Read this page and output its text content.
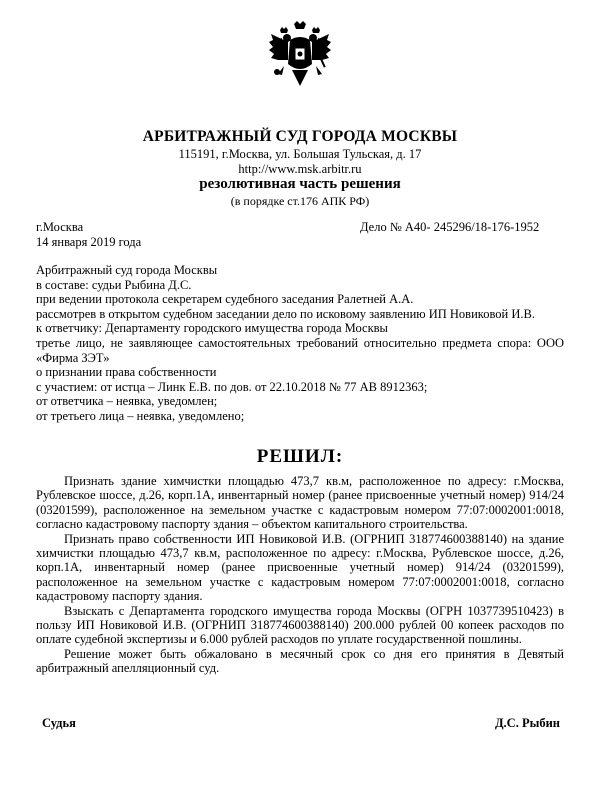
АРБИТРАЖНЫЙ СУД ГОРОДА МОСКВЫ
115191, г.Москва, ул. Большая Тульская, д. 17
http://www.msk.arbitr.ru
резолютивная часть решения
(в порядке ст.176 АПК РФ)
г.Москва
14 января 2019 года
Дело № А40- 245296/18-176-1952
Арбитражный суд города Москвы
в составе: судьи Рыбина Д.С.
при ведении протокола секретарем судебного заседания Ралетней А.А.
рассмотрев в открытом судебном заседании дело по исковому заявлению ИП Новиковой И.В.
к ответчику: Департаменту городского имущества города Москвы
третье лицо, не заявляющее самостоятельных требований относительно предмета спора: ООО «Фирма ЗЭТ»
о признании права собственности
с участием: от истца – Линк Е.В. по дов. от 22.10.2018 № 77 АВ 8912363;
от ответчика – неявка, уведомлен;
от третьего лица – неявка, уведомлено;
РЕШИЛ:

Признать здание химчистки площадью 473,7 кв.м, расположенное по адресу: г.Москва, Рублевское шоссе, д.26, корп.1А, инвентарный номер (ранее присвоенные учетный номер) 914/24 (03201599), расположенное на земельном участке с кадастровым номером 77:07:0002001:0018, согласно кадастровому паспорту здания – объектом капитального строительства.

Признать право собственности ИП Новиковой И.В. (ОГРНИП 318774600388140) на здание химчистки площадью 473,7 кв.м, расположенное по адресу: г.Москва, Рублевское шоссе, д.26, корп.1А, инвентарный номер (ранее присвоенные учетный номер) 914/24 (03201599), расположенное на земельном участке с кадастровым номером 77:07:0002001:0018, согласно кадастровому паспорту здания.

Взыскать с Департамента городского имущества города Москвы (ОГРН 1037739510423) в пользу ИП Новиковой И.В. (ОГРНИП 318774600388140) 200.000 рублей 00 копеек расходов по оплате судебной экспертизы и 6.000 рублей расходов по уплате государственной пошлины.

Решение может быть обжаловано в месячный срок со дня его принятия в Девятый арбитражный апелляционный суд.

Судья	Д.С. Рыбин
